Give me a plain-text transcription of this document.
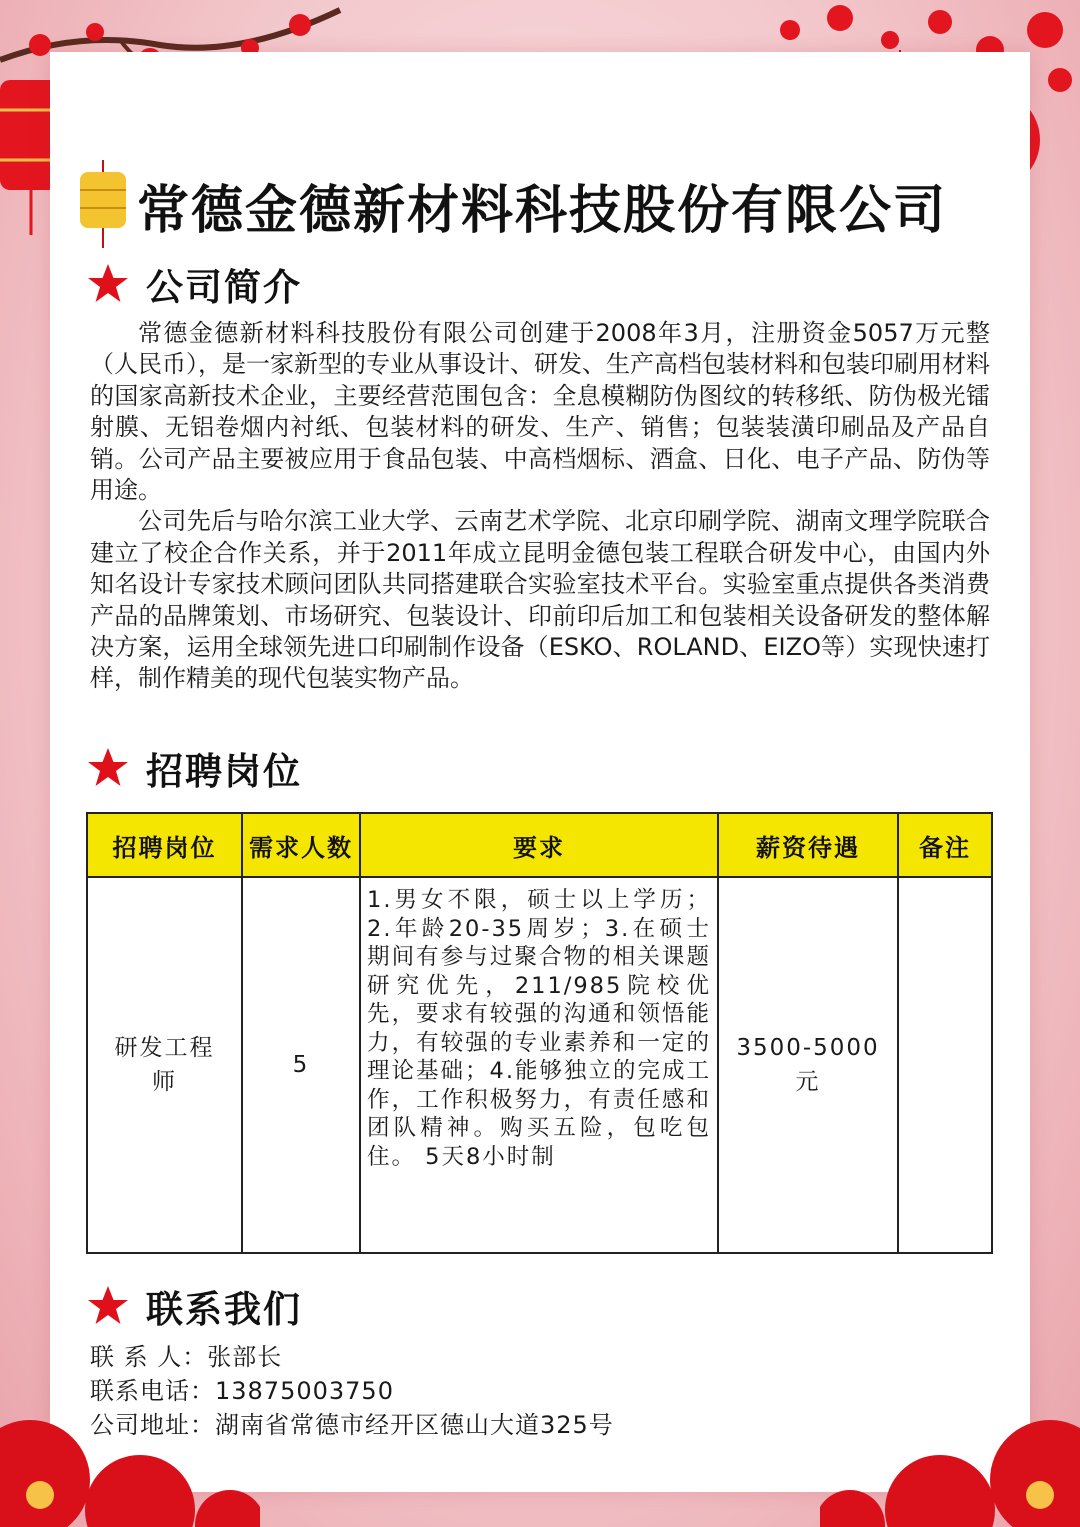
常德金德新材料科技股份有限公司
公司简介

常德金德新材料科技股份有限公司创建于2008年3月，注册资金5057万元整（人民币），是一家新型的专业从事设计、研发、生产高档包装材料和包装印刷用材料的国家高新技术企业，主要经营范围包含：全息模糊防伪图纹的转移纸、防伪极光镭射膜、无铝卷烟内衬纸、包装材料的研发、生产、销售；包装装潢印刷品及产品自销。公司产品主要被应用于食品包装、中高档烟标、酒盒、日化、电子产品、防伪等用途。

公司先后与哈尔滨工业大学、云南艺术学院、北京印刷学院、湖南文理学院联合建立了校企合作关系，并于2011年成立昆明金德包装工程联合研发中心，由国内外知名设计专家技术顾问团队共同搭建联合实验室技术平台。实验室重点提供各类消费产品的品牌策划、市场研究、包装设计、印前印后加工和包装相关设备研发的整体解决方案，运用全球领先进口印刷制作设备（ESKO、ROLAND、EIZO等）实现快速打样，制作精美的现代包装实物产品。

招聘岗位
招聘岗位	需求人数	要求	薪资待遇	备注

研发工程师	5	1.男女不限，硕士以上学历；2.年龄20-35周岁；3.在硕士期间有参与过聚合物的相关课题研究优先，211/985院校优先，要求有较强的沟通和领悟能力，有较强的专业素养和一定的理论基础；4.能够独立的完成工作，工作积极努力，有责任感和团队精神。购买五险，包吃包住。 5天8小时制	3500-5000元	

联系我们
联 系 人： 张部长
联系电话： 13875003750
公司地址： 湖南省常德市经开区德山大道325号
